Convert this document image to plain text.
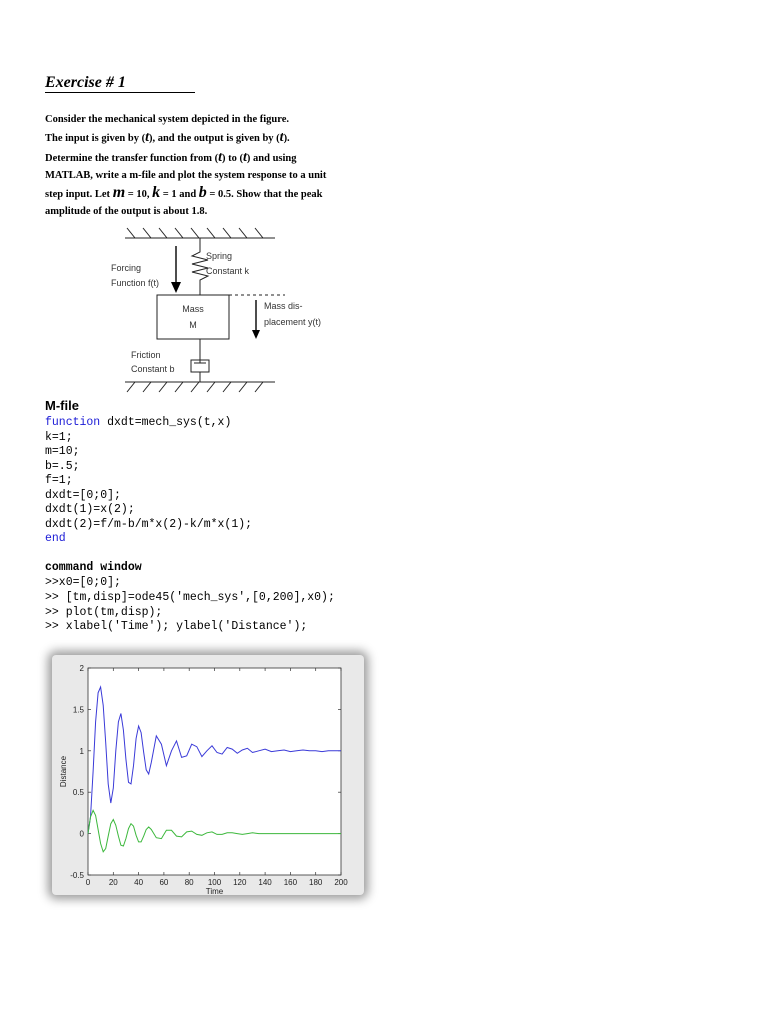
Exercise # 1
Consider the mechanical system depicted in the figure.
The input is given by (t), and the output is given by (t).
Determine the transfer function from (t) to (t) and using
MATLAB, write a m-file and plot the system response to a unit
step input. Let m = 10, k = 1 and b = 0.5. Show that the peak
amplitude of the output is about 1.8.
Spring
Constant k
Forcing
Function f(t)
Mass
M
Mass dis-
placement y(t)
Friction
Constant b
M-file
function dxdt=mech_sys(t,x)
k=1;
m=10;
b=.5;
f=1;
dxdt=[0;0];
dxdt(1)=x(2);
dxdt(2)=f/m-b/m*x(2)-k/m*x(1);
end
command window
>>x0=[0;0];
>> [tm,disp]=ode45('mech_sys',[0,200],x0);
>> plot(tm,disp);
>> xlabel('Time'); ylabel('Distance');
0 20 40 60 80 100 120 140 160 180 200
-0.5
0
0.5
1
1.5
2
Time
Distance
